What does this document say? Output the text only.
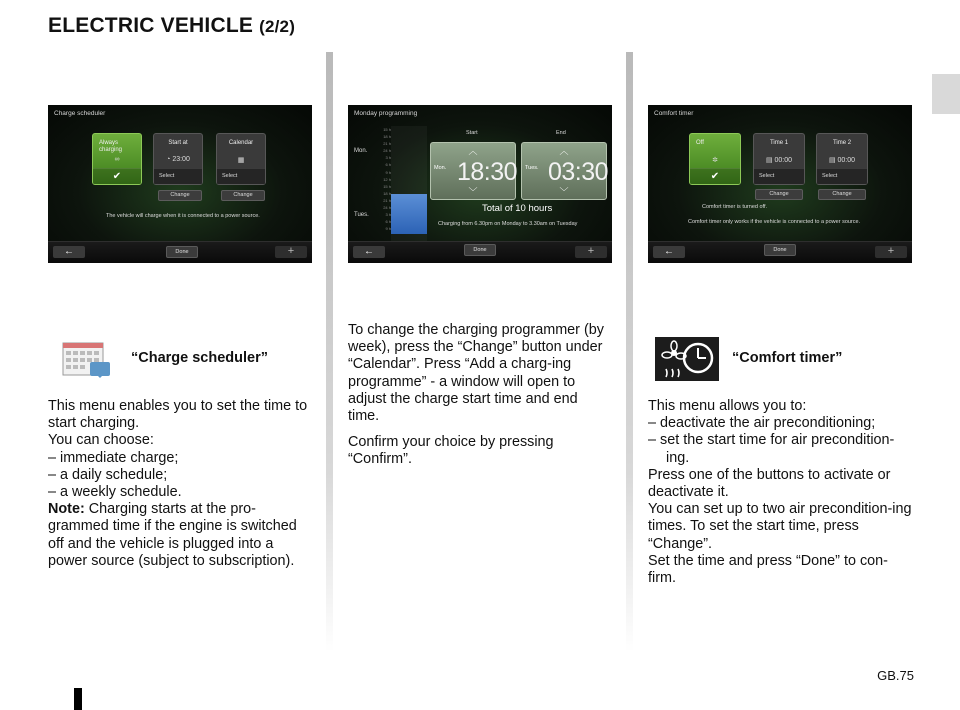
ELECTRIC VEHICLE (2/2)
Charge scheduler
Always charging
∞
✔
Start at
◔ 23:00
Select
Calendar
▦
Select
Change	Change
The vehicle will charge when it is connected to a power source.
←	Done	+
Monday programming
Mon.
Tues.
Start	End
Total of 10 hours
Charging from 6.30pm on Monday to 3.30am on Tuesday
←	Done	+
15 h
18 h
21 h
24 h
3 h
6 h
9 h
12 h
15 h
18 h
21 h
24 h
3 h
6 h
9 h
︿
Mon. 18:30
﹀
︿
Tues. 03:30
﹀
Comfort timer
Off
✲
✔
Time 1
▤ 00:00
Select
Time 2
▤ 00:00
Select
Change	Change
Comfort timer is turned off.
Comfort timer only works if the vehicle is connected to a power source.
←	Done	+
“Charge scheduler”

This menu enables you to set the time to start charging.

You can choose:

– immediate charge;

– a daily schedule;

– a weekly schedule.

Note: Charging starts at the pro-grammed time if the engine is switched off and the vehicle is plugged into a power source (subject to subscription).

To change the charging programmer (by week), press the “Change” button under “Calendar”. Press “Add a charg-ing programme” - a window will open to adjust the charge start time and end time.

Confirm your choice by pressing “Confirm”.

“Comfort timer”

This menu allows you to:

– deactivate the air preconditioning;

– set the start time for air precondition-ing.

Press one of the buttons to activate or deactivate it.

You can set up to two air precondition-ing times. To set the start time, press “Change”.

Set the time and press “Done” to con-firm.

GB.75
